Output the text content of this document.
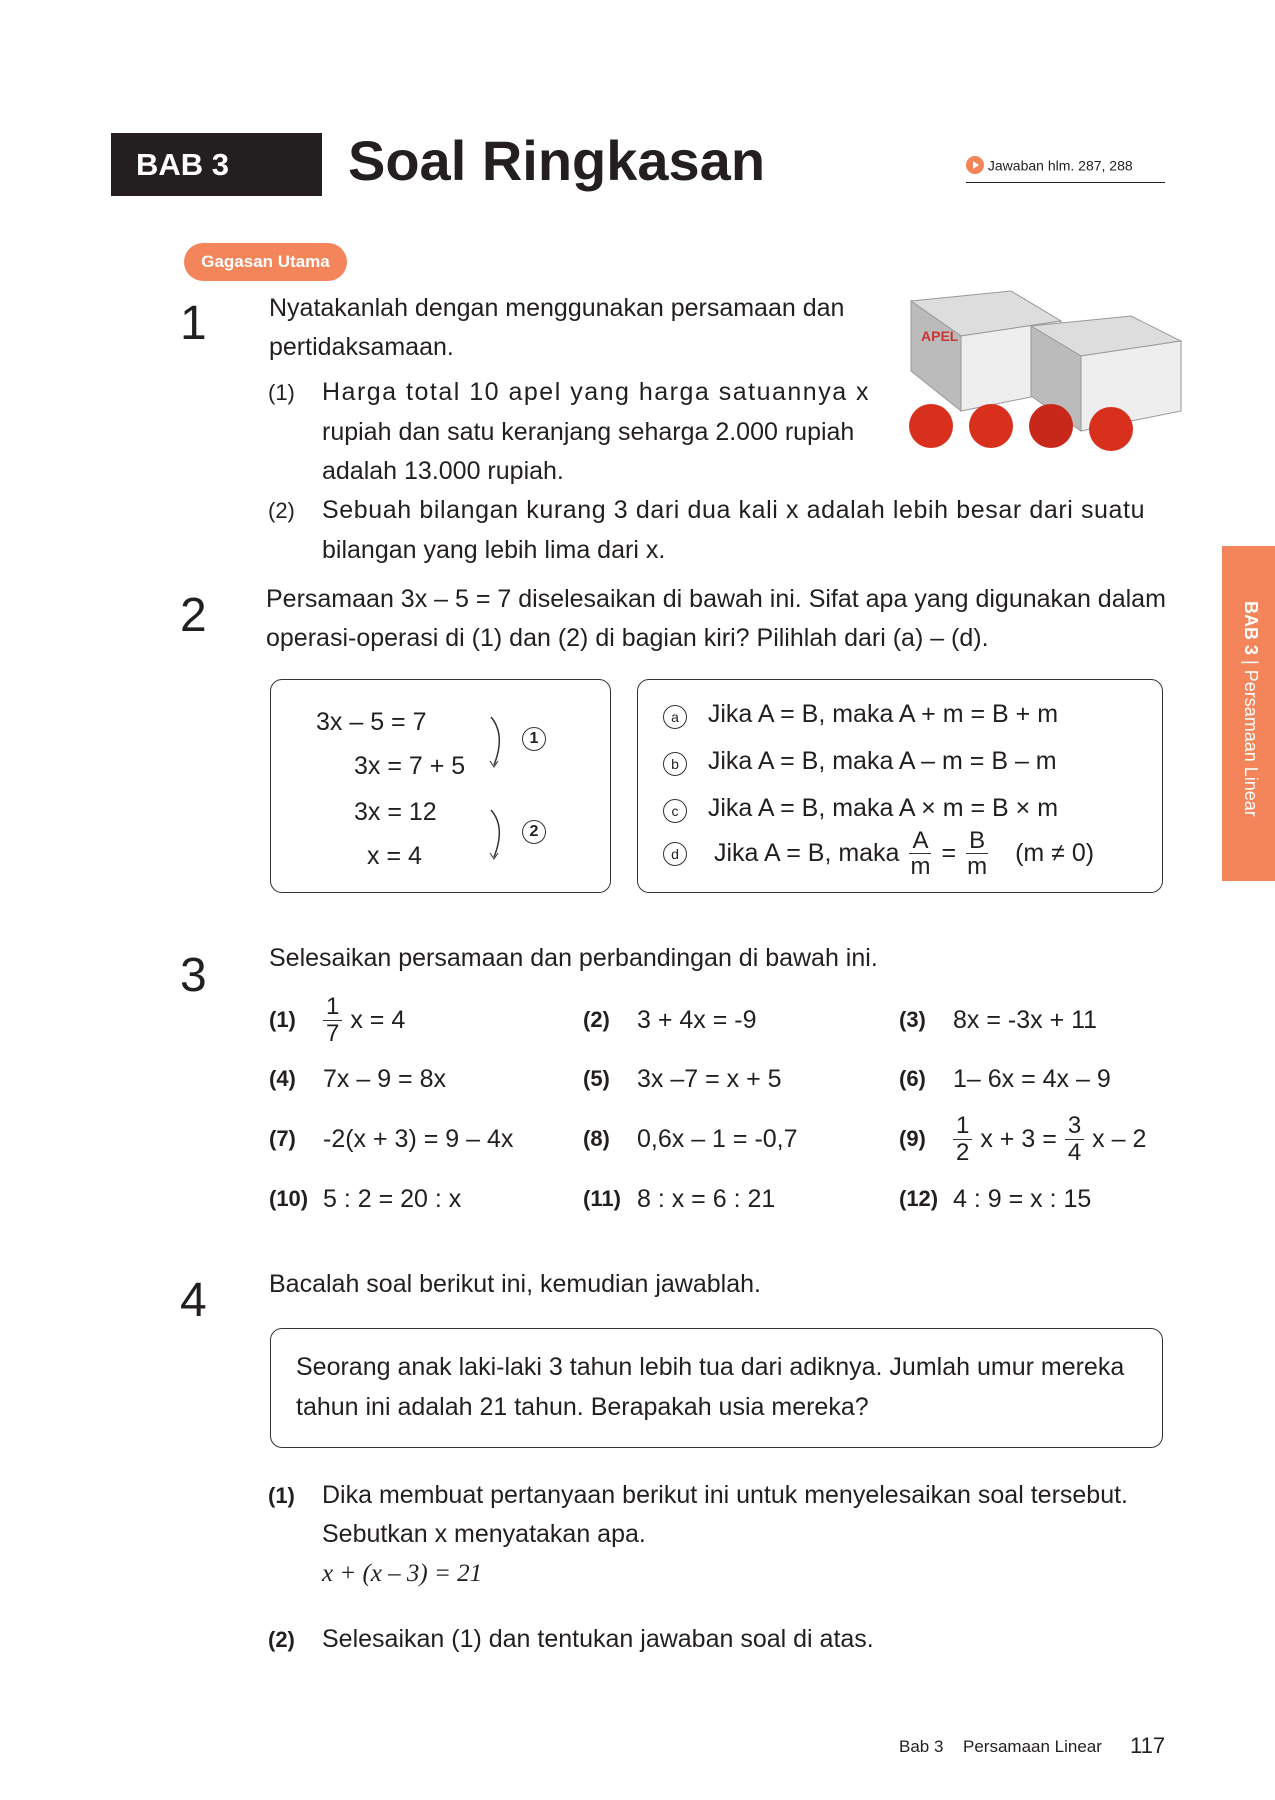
BAB 3	Soal Ringkasan	Jawaban hlm. 287, 288
Gagasan Utama
BAB 3 | Persamaan Linear
1 Nyatakanlah dengan menggunakan persamaan dan
pertidaksamaan.
(1) Harga total 10 apel yang harga satuannya x
rupiah dan satu keranjang seharga 2.000 rupiah
adalah 13.000 rupiah.
(2) Sebuah bilangan kurang 3 dari dua kali x adalah lebih besar dari suatu
bilangan yang lebih lima dari x.
APEL
2 Persamaan 3x – 5 = 7 diselesaikan di bawah ini. Sifat apa yang digunakan dalam
operasi-operasi di (1) dan (2) di bagian kiri? Pilihlah dari (a) – (d).
3x – 5 = 7
3x = 7 + 5
3x = 12
x = 4
1
2
a Jika A = B, maka A + m = B + m
b Jika A = B, maka A – m = B – m
c Jika A = B, maka A × m = B × m
d
	Jika A = B, maka $\frac{A}{m} = \frac{B}{m}$
(m ≠ 0)
3 Selesaikan persamaan dan perbandingan di bawah ini.
(1)	$\frac{1}{7}$ x = 4	(2)	3 + 4x = -9	(3)	8x = -3x + 11
(4)	7x – 9 = 8x	(5)	3x –7 = x + 5	(6)	1– 6x = 4x – 9
(7)	-2(x + 3) = 9 – 4x	(8)	0,6x – 1 = -0,7	(9)	$\frac{1}{2}$ $x + 3 = \frac{3}{4}$ x – 2
(10) 5 : 2 = 20 : x	(11) 8 : x = 6 : 21	(12) 4 : 9 = x : 15
4 Bacalah soal berikut ini, kemudian jawablah.
Seorang anak laki-laki 3 tahun lebih tua dari adiknya. Jumlah umur mereka
tahun ini adalah 21 tahun. Berapakah usia mereka?
(1) Dika membuat pertanyaan berikut ini untuk menyelesaikan soal tersebut.
Sebutkan x menyatakan apa.
x + (x – 3) = 21
(2) Selesaikan (1) dan tentukan jawaban soal di atas.
Bab 3 Persamaan Linear 117
